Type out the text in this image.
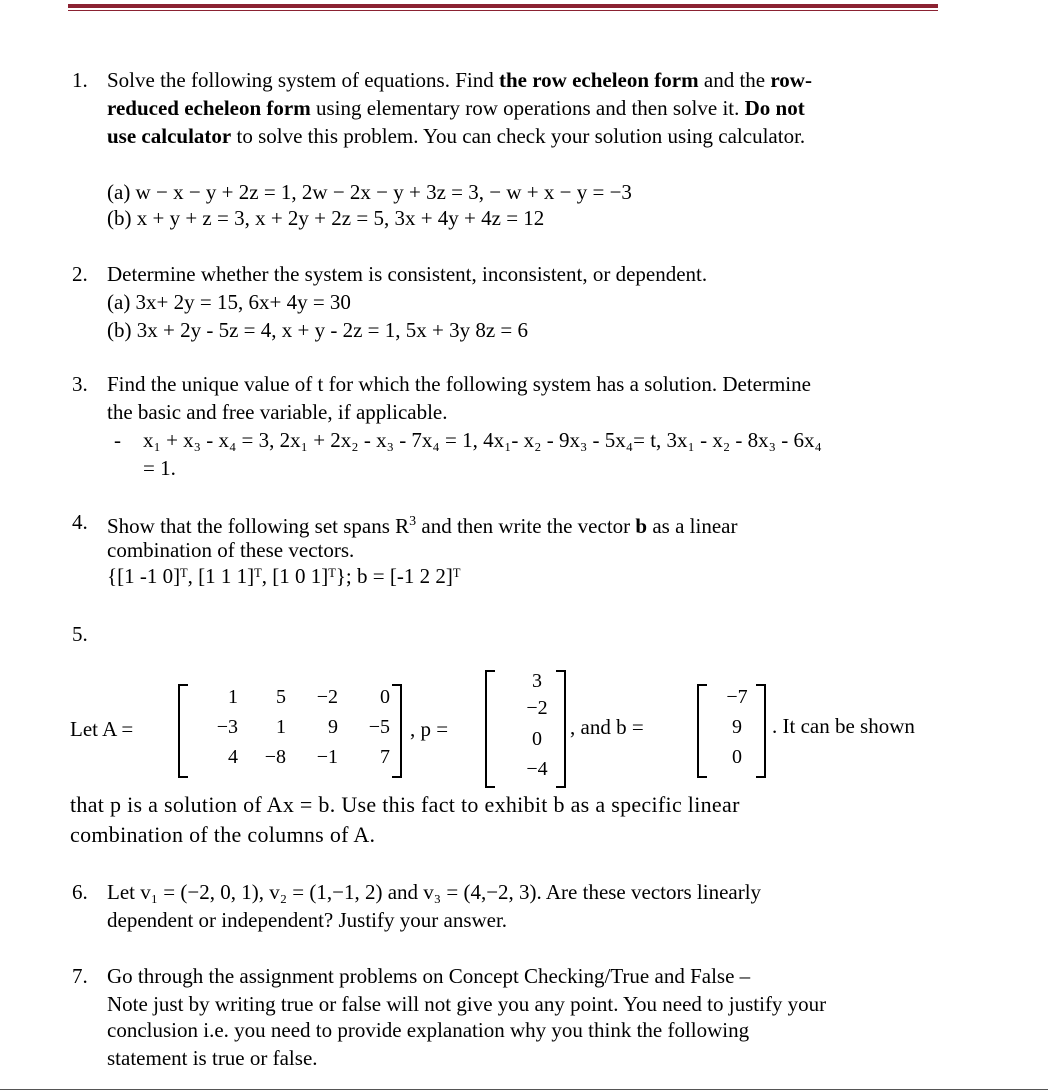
1. Solve the following system of equations. Find the row echeleon form and the row-
reduced echeleon form using elementary row operations and then solve it. Do not
use calculator to solve this problem. You can check your solution using calculator.
(a) w − x − y + 2z = 1, 2w − 2x − y + 3z = 3, − w + x − y = −3
(b) x + y + z = 3, x + 2y + 2z = 5, 3x + 4y + 4z = 12
2. Determine whether the system is consistent, inconsistent, or dependent.
(a) 3x+ 2y = 15, 6x+ 4y = 30
(b) 3x + 2y - 5z = 4, x + y - 2z = 1, 5x + 3y 8z = 6
3. Find the unique value of t for which the following system has a solution. Determine
the basic and free variable, if applicable.
- x₁ + x₃ - x₄ = 3, 2x₁ + 2x₂ - x₃ - 7x₄ = 1, 4x₁- x₂ - 9x₃ - 5x₄= t, 3x₁ - x₂ - 8x₃ - 6x₄
= 1.
4. Show that the following set spans $R^3$ and then write the vector b as a linear
combination of these vectors.
{[1 -1 0]ᵀ, [1 1 1]ᵀ, [1 0 1]ᵀ}; b = [-1 2 2]ᵀ
5.
Let A =
1	5	−2	0
−3	1	9	−5
4	−8	−1	7
, p =
3
−2
0
−4
, and b =
−7
9
0
. It can be shown
that p is a solution of Ax = b. Use this fact to exhibit b as a specific linear
combination of the columns of A.
6. Let v₁ = (−2, 0, 1), v₂ = (1,−1, 2) and v₃ = (4,−2, 3). Are these vectors linearly
dependent or independent? Justify your answer.
7. Go through the assignment problems on Concept Checking/True and False –
Note just by writing true or false will not give you any point. You need to justify your
conclusion i.e. you need to provide explanation why you think the following
statement is true or false.
